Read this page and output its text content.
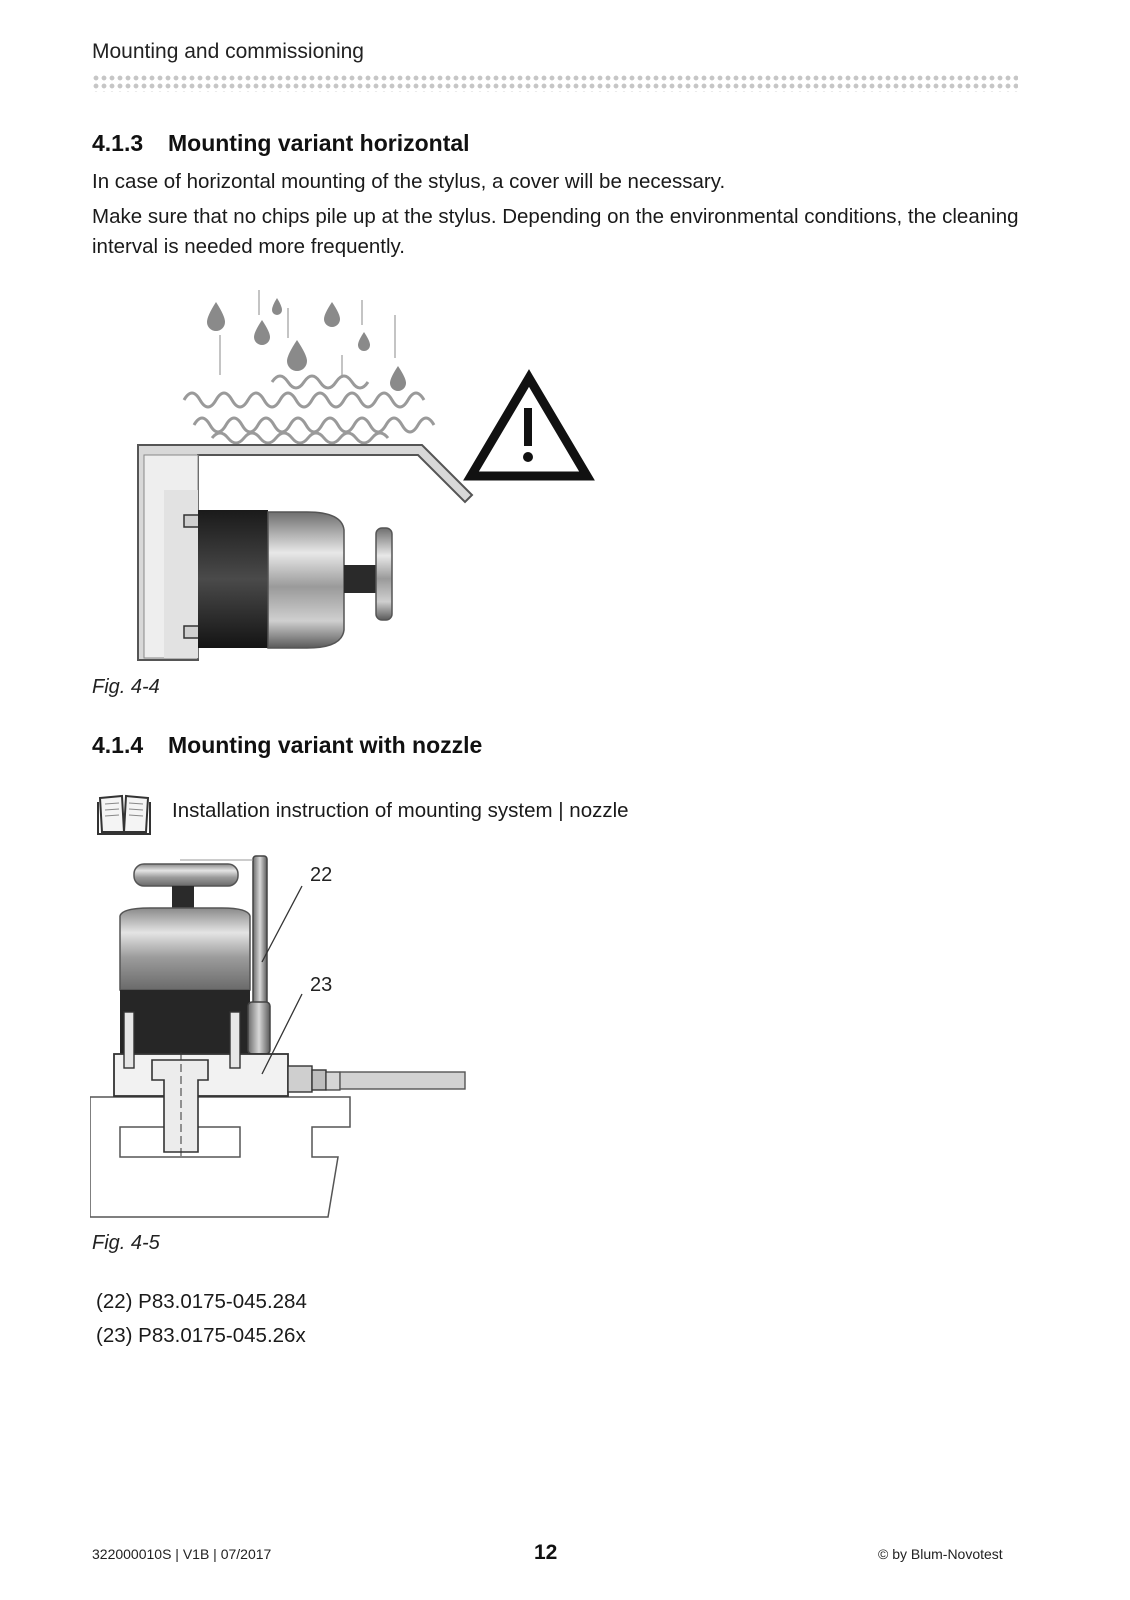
Mounting and commissioning
4.1.3 Mounting variant horizontal

In case of horizontal mounting of the stylus, a cover will be necessary.

Make sure that no chips pile up at the stylus. Depending on the environmental conditions, the cleaning interval is needed more frequently.

Fig. 4-4
4.1.4 Mounting variant with nozzle
Installation instruction of mounting system | nozzle
22
23
Fig. 4-5
(22) P83.0175-045.284
(23) P83.0175-045.26x
322000010S | V1B | 07/2017	12	© by Blum-Novotest
